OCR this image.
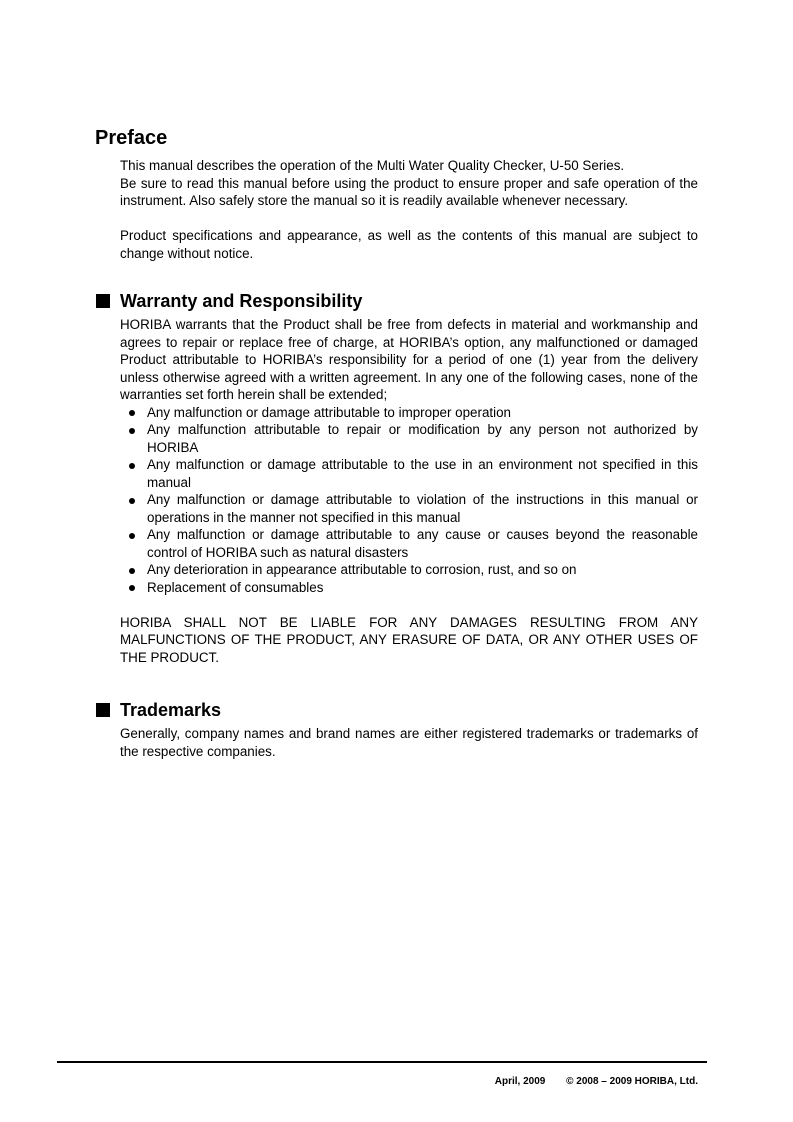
Preface

This manual describes the operation of the Multi Water Quality Checker, U-50 Series.
Be sure to read this manual before using the product to ensure proper and safe operation of the instrument. Also safely store the manual so it is readily available whenever necessary.

Product specifications and appearance, as well as the contents of this manual are subject to change without notice.

Warranty and Responsibility

HORIBA warrants that the Product shall be free from defects in material and workmanship and agrees to repair or replace free of charge, at HORIBA’s option, any malfunctioned or damaged Product attributable to HORIBA’s responsibility for a period of one (1) year from the delivery unless otherwise agreed with a written agreement. In any one of the following cases, none of the warranties set forth herein shall be extended;

Any malfunction or damage attributable to improper operation
Any malfunction attributable to repair or modification by any person not authorized by HORIBA
Any malfunction or damage attributable to the use in an environment not specified in this manual
Any malfunction or damage attributable to violation of the instructions in this manual or operations in the manner not specified in this manual
Any malfunction or damage attributable to any cause or causes beyond the reasonable control of HORIBA such as natural disasters
Any deterioration in appearance attributable to corrosion, rust, and so on
Replacement of consumables

HORIBA SHALL NOT BE LIABLE FOR ANY DAMAGES RESULTING FROM ANY MALFUNCTIONS OF THE PRODUCT, ANY ERASURE OF DATA, OR ANY OTHER USES OF THE PRODUCT.

Trademarks

Generally, company names and brand names are either registered trademarks or trademarks of the respective companies.

April, 2009 © 2008 – 2009 HORIBA, Ltd.
